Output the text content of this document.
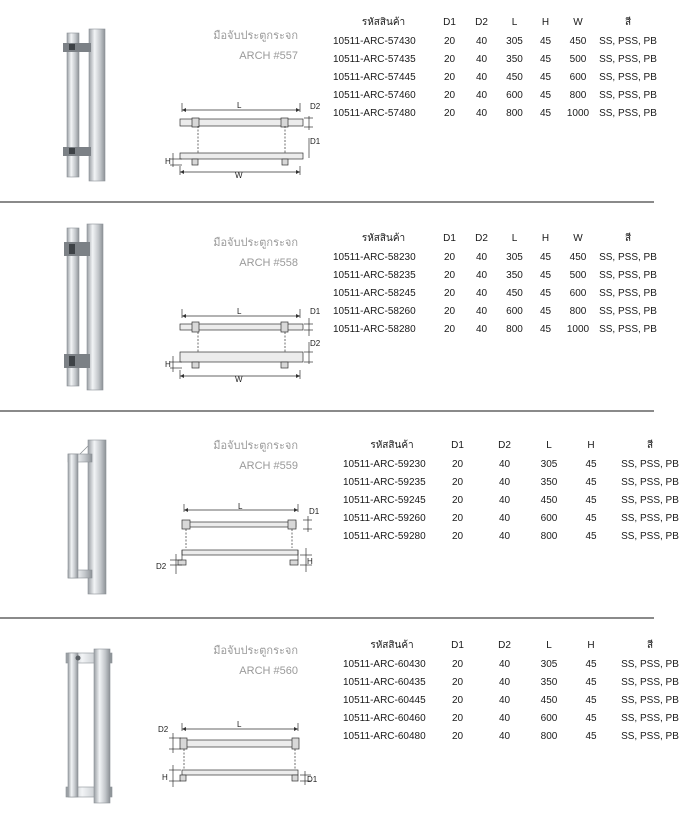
มือจับประตูกระจก
ARCH #557
L	D2
D1
H
W
รหัสสินค้า	D1	D2	L	H	W	สี
10511-ARC-57430	20	40	305	45	450	SS, PSS, PB
10511-ARC-57435	20	40	350	45	500	SS, PSS, PB
10511-ARC-57445	20	40	450	45	600	SS, PSS, PB
10511-ARC-57460	20	40	600	45	800	SS, PSS, PB
10511-ARC-57480	20	40	800	45	1000	SS, PSS, PB
มือจับประตูกระจก
ARCH #558
L	D1
D2
H
W
รหัสสินค้า	D1	D2	L	H	W	สี
10511-ARC-58230	20	40	305	45	450	SS, PSS, PB
10511-ARC-58235	20	40	350	45	500	SS, PSS, PB
10511-ARC-58245	20	40	450	45	600	SS, PSS, PB
10511-ARC-58260	20	40	600	45	800	SS, PSS, PB
10511-ARC-58280	20	40	800	45	1000	SS, PSS, PB
มือจับประตูกระจก
ARCH #559
L
D1
D2
H
รหัสสินค้า	D1	D2	L	H	สี
10511-ARC-59230	20	40	305	45	SS, PSS, PB
10511-ARC-59235	20	40	350	45	SS, PSS, PB
10511-ARC-59245	20	40	450	45	SS, PSS, PB
10511-ARC-59260	20	40	600	45	SS, PSS, PB
10511-ARC-59280	20	40	800	45	SS, PSS, PB
มือจับประตูกระจก
ARCH #560
L
D2
H	D1
รหัสสินค้า	D1	D2	L	H	สี
10511-ARC-60430	20	40	305	45	SS, PSS, PB
10511-ARC-60435	20	40	350	45	SS, PSS, PB
10511-ARC-60445	20	40	450	45	SS, PSS, PB
10511-ARC-60460	20	40	600	45	SS, PSS, PB
10511-ARC-60480	20	40	800	45	SS, PSS, PB
